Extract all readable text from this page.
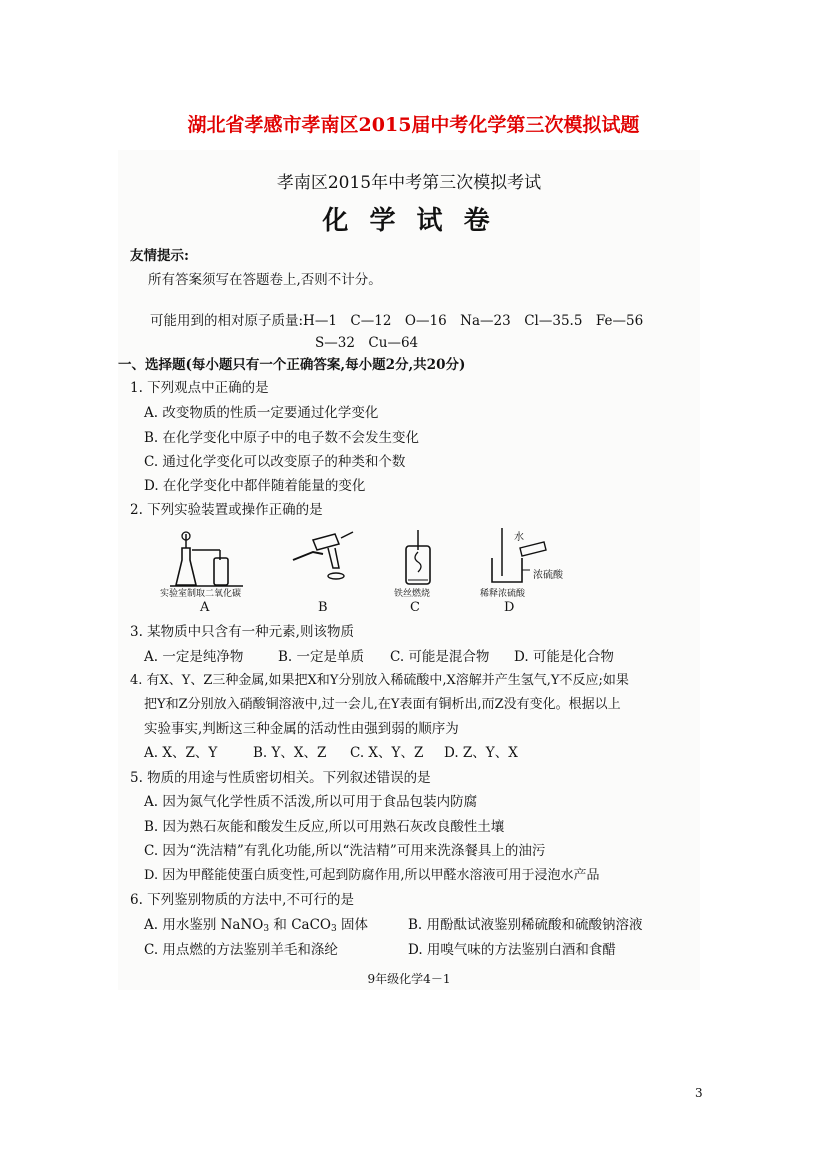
湖北省孝感市孝南区2015届中考化学第三次模拟试题
孝南区2015年中考第三次模拟考试
化 学 试 卷
友情提示:
所有答案须写在答题卷上,否则不计分。
可能用到的相对原子质量:H—1　C—12　O—16　Na—23　Cl—35.5　Fe—56
S—32　Cu—64
一、选择题(每小题只有一个正确答案,每小题2分,共20分)
1. 下列观点中正确的是
A. 改变物质的性质一定要通过化学变化
B. 在化学变化中原子中的电子数不会发生变化
C. 通过化学变化可以改变原子的种类和个数
D. 在化学变化中都伴随着能量的变化
2. 下列实验装置或操作正确的是
实验室制取二氧化碳
A	B
铁丝燃烧
C
水
浓硫酸
稀释浓硫酸
D
3. 某物质中只含有一种元素,则该物质
A. 一定是纯净物	B. 一定是单质 C. 可能是混合物 D. 可能是化合物
4. 有X、Y、Z三种金属,如果把X和Y分别放入稀硫酸中,X溶解并产生氢气,Y不反应;如果
把Y和Z分别放入硝酸铜溶液中,过一会儿,在Y表面有铜析出,而Z没有变化。根据以上
实验事实,判断这三种金属的活动性由强到弱的顺序为
A. X、Z、Y	B. Y、X、Z C. X、Y、Z D. Z、Y、X
5. 物质的用途与性质密切相关。下列叙述错误的是
A. 因为氮气化学性质不活泼,所以可用于食品包装内防腐
B. 因为熟石灰能和酸发生反应,所以可用熟石灰改良酸性土壤
C. 因为“洗洁精”有乳化功能,所以“洗洁精”可用来洗涤餐具上的油污
D. 因为甲醛能使蛋白质变性,可起到防腐作用,所以甲醛水溶液可用于浸泡水产品
6. 下列鉴别物质的方法中,不可行的是
A. 用水鉴别 NaNO$_3$ 和 CaCO$_3$ 固体	B. 用酚酞试液鉴别稀硫酸和硫酸钠溶液
C. 用点燃的方法鉴别羊毛和涤纶	D. 用嗅气味的方法鉴别白酒和食醋
9年级化学4－1
3
